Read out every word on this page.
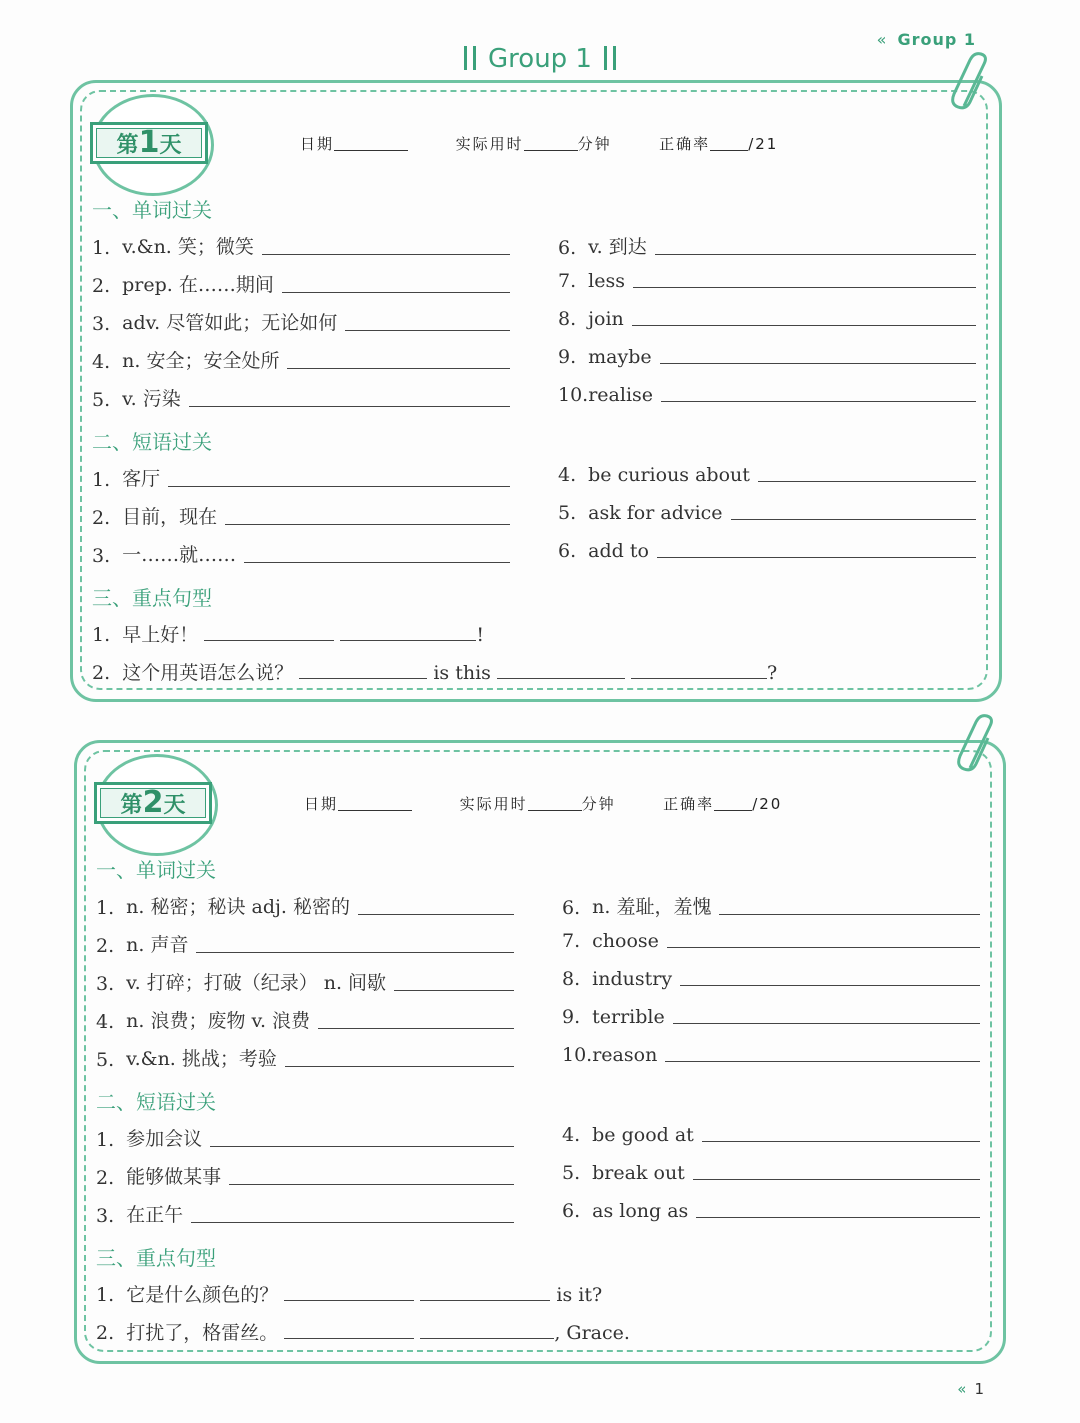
« Group 1
Group 1
第1天	日期	实际用时	分钟	正确率	/21
一、单词过关
1. v.&n. 笑；微笑
2. prep. 在……期间
3. adv. 尽管如此；无论如何
4. n. 安全；安全处所
5. v. 污染
6. v. 到达
7. less
8. join
9. maybe
10. realise
二、短语过关
1. 客厅
2. 目前，现在
3. 一……就……
4. be curious about
5. ask for advice
6. add to
三、重点句型
1. 早上好！	!
2. 这个用英语怎么说？	is this	?
第2天	日期	实际用时	分钟	正确率	/20
一、单词过关
1. n. 秘密；秘诀 adj. 秘密的
2. n. 声音
3. v. 打碎；打破（纪录） n. 间歇
4. n. 浪费；废物 v. 浪费
5. v.&n. 挑战；考验
6. n. 羞耻，羞愧
7. choose
8. industry
9. terrible
10. reason
二、短语过关
1. 参加会议
2. 能够做某事
3. 在正午
4. be good at
5. break out
6. as long as
三、重点句型
1. 它是什么颜色的？	is it?
2. 打扰了，格雷丝。	, Grace.
« 1
